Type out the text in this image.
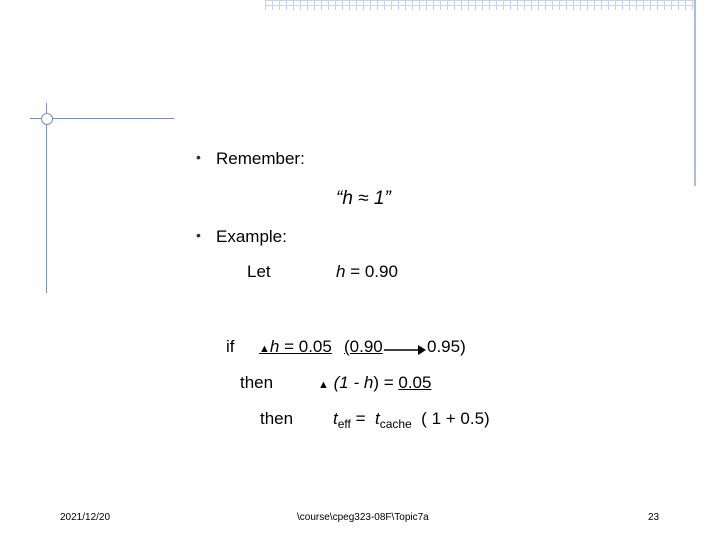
• Remember:
“h ≈ 1”
• Example:
Let	h = 0.90
if ▲h = 0.05 (0.90	0.95)
then	▲ (1 - h) = 0.05
then $t_{eff} = t_{cache}$  ( 1 + 0.5)
2021/12/20	\course\cpeg323-08F\Topic7a	23
